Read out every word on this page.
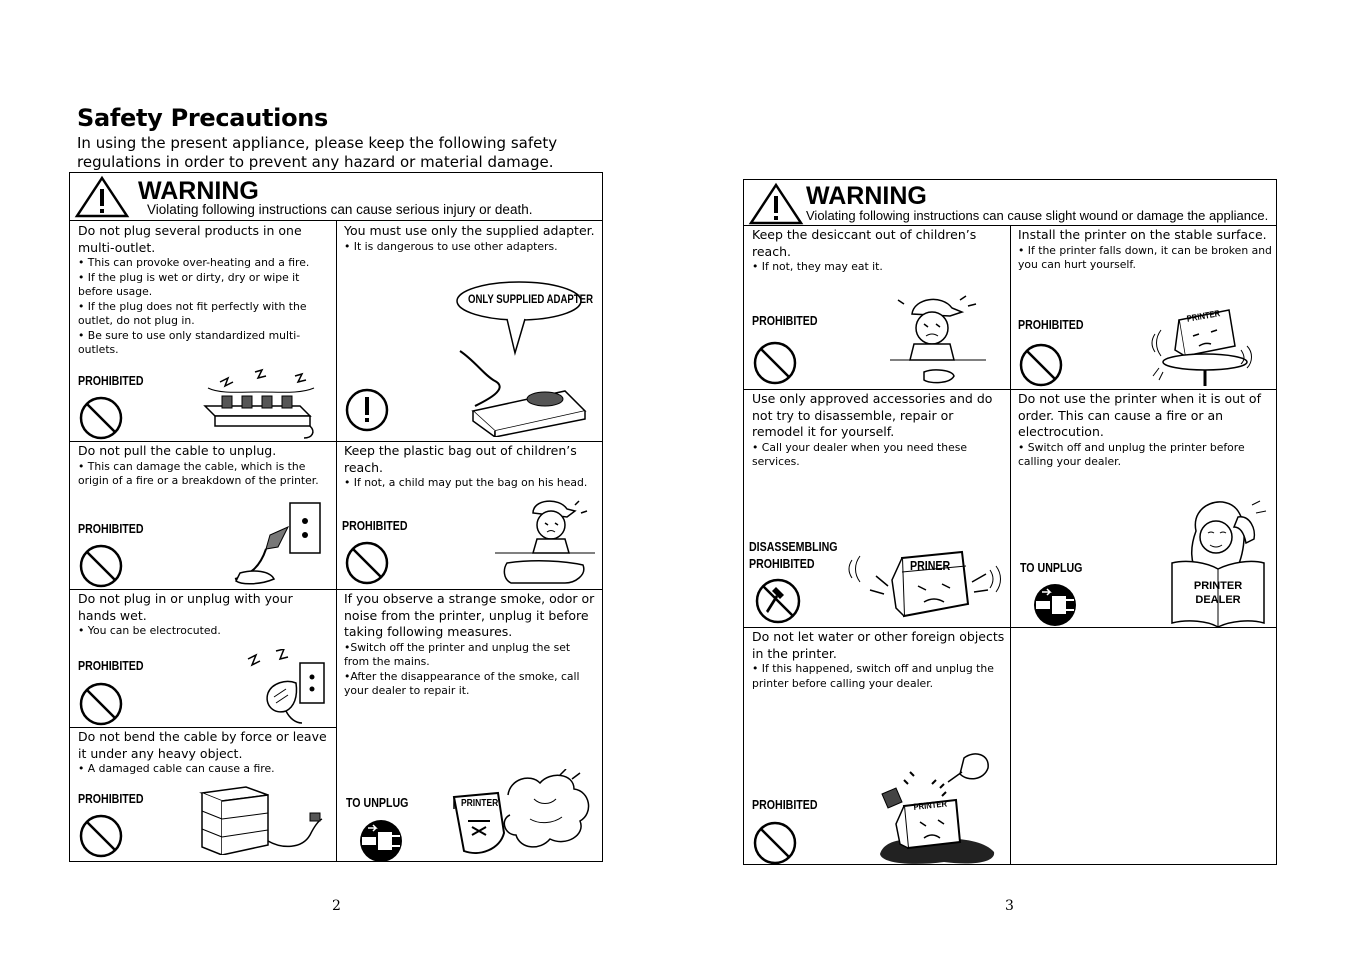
Safety Precautions
In using the present appliance, please keep the following safety regulations in order to prevent any hazard or material damage.
WARNING
Violating following instructions can cause serious injury or death.
Do not plug several products in one multi-outlet.
• This can provoke over-heating and a fire.
• If the plug is wet or dirty, dry or wipe it before usage.
• If the plug does not fit perfectly with the outlet, do not plug in.
• Be sure to use only standardized multi-outlets.
PROHIBITED
You must use only the supplied adapter.
• It is dangerous to use other adapters.
ONLY SUPPLIED ADAPTER
Do not pull the cable to unplug.
• This can damage the cable, which is the origin of a fire or a breakdown of the printer.
PROHIBITED
Keep the plastic bag out of children’s reach.
• If not, a child may put the bag on his head.
PROHIBITED
Do not plug in or unplug with your hands wet.
• You can be electrocuted.
PROHIBITED
If you observe a strange smoke, odor or noise from the printer, unplug it before taking following measures.
•Switch off the printer and unplug the set from the mains.
•After the disappearance of the smoke, call your dealer to repair it.
TO UNPLUG	PRINTER
Do not bend the cable by force or leave it under any heavy object.
• A damaged cable can cause a fire.
PROHIBITED
2
WARNING
Violating following instructions can cause slight wound or damage the appliance.
Keep the desiccant out of children’s reach.
• If not, they may eat it.
PROHIBITED
Install the printer on the stable surface.
• If the printer falls down, it can be broken and you can hurt yourself.
PROHIBITED
PRINTER
Use only approved accessories and do not try to disassemble, repair or remodel it for yourself.
• Call your dealer when you need these services.
DISASSEMBLING
PROHIBITED	PRINER
Do not use the printer when it is out of order. This can cause a fire or an electrocution.
• Switch off and unplug the printer before calling your dealer.
TO UNPLUG
PRINTER
DEALER
Do not let water or other foreign objects in the printer.
• If this happened, switch off and unplug the printer before calling your dealer.
PROHIBITED	PRINTER
3
